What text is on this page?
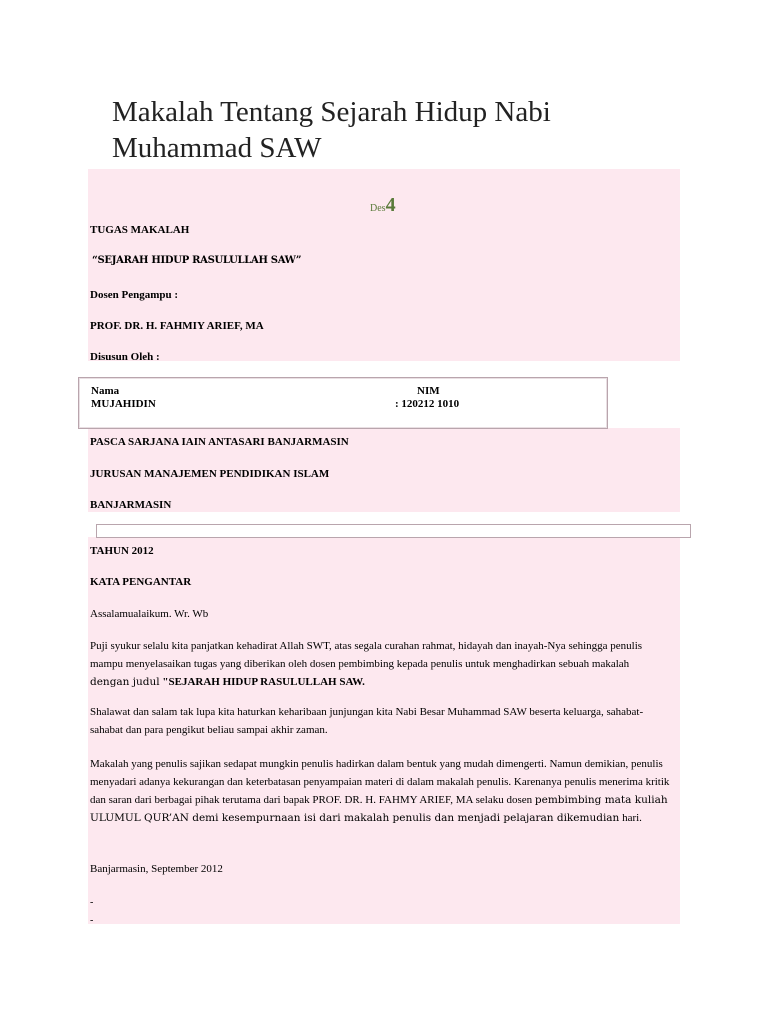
Makalah Tentang Sejarah Hidup Nabi Muhammad SAW
Des4
TUGAS MAKALAH
“SEJARAH HIDUP RASULULLAH SAW”
Dosen Pengampu :
PROF. DR. H. FAHMIY ARIEF, MA
Disusun Oleh :
Nama	NIM
MUJAHIDIN	: 120212 1010
PASCA SARJANA IAIN ANTASARI BANJARMASIN
JURUSAN MANAJEMEN PENDIDIKAN ISLAM
BANJARMASIN
TAHUN 2012
KATA PENGANTAR
Assalamualaikum. Wr. Wb
Puji syukur selalu kita panjatkan kehadirat Allah SWT, atas segala curahan rahmat, hidayah dan inayah-Nya sehingga penulis mampu menyelasaikan tugas yang diberikan oleh dosen pembimbing kepada penulis untuk menghadirkan sebuah makalah dengan judul "SEJARAH HIDUP RASULULLAH SAW.
Shalawat dan salam tak lupa kita haturkan keharibaan junjungan kita Nabi Besar Muhammad SAW beserta keluarga, sahabat-sahabat dan para pengikut beliau sampai akhir zaman.
Makalah yang penulis sajikan sedapat mungkin penulis hadirkan dalam bentuk yang mudah dimengerti. Namun demikian, penulis menyadari adanya kekurangan dan keterbatasan penyampaian materi di dalam makalah penulis. Karenanya penulis menerima kritik dan saran dari berbagai pihak terutama dari bapak PROF. DR. H. FAHMY ARIEF, MA selaku dosen pembimbing mata kuliah ULUMUL QUR’AN demi kesempurnaan isi dari makalah penulis dan menjadi pelajaran dikemudian hari.
Banjarmasin, September 2012
-
-
